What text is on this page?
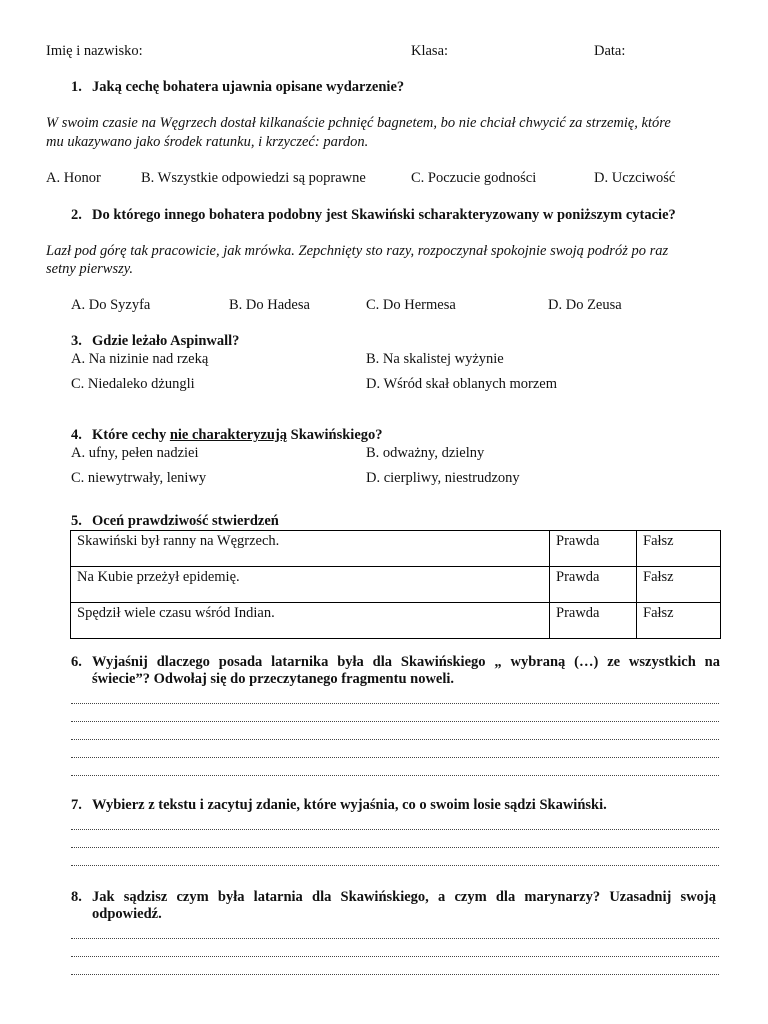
Imię i nazwisko:	Klasa:	Data:
1. Jaką cechę bohatera ujawnia opisane wydarzenie?
W swoim czasie na Węgrzech dostał kilkanaście pchnięć bagnetem, bo nie chciał chwycić za strzemię, które
mu ukazywano jako środek ratunku, i krzyczeć: pardon.
A. Honor	B. Wszystkie odpowiedzi są poprawne	C. Poczucie godności	D. Uczciwość
2. Do którego innego bohatera podobny jest Skawiński scharakteryzowany w poniższym cytacie?
Lazł pod górę tak pracowicie, jak mrówka. Zepchnięty sto razy, rozpoczynał spokojnie swoją podróż po raz
setny pierwszy.
A. Do Syzyfa	B. Do Hadesa	C. Do Hermesa	D. Do Zeusa
3. Gdzie leżało Aspinwall?
A. Na nizinie nad rzeką	B. Na skalistej wyżynie
C. Niedaleko dżungli	D. Wśród skał oblanych morzem
4. Które cechy nie charakteryzują Skawińskiego?
A. ufny, pełen nadziei	B. odważny, dzielny
C. niewytrwały, leniwy	D. cierpliwy, niestrudzony
5. Oceń prawdziwość stwierdzeń
Skawiński był ranny na Węgrzech.	Prawda	Fałsz
Na Kubie przeżył epidemię.	Prawda	Fałsz
Spędził wiele czasu wśród Indian.	Prawda	Fałsz
6. Wyjaśnij dlaczego posada latarnika była dla Skawińskiego „ wybraną (…) ze wszystkich na
świecie”? Odwołaj się do przeczytanego fragmentu noweli.
7. Wybierz z tekstu i zacytuj zdanie, które wyjaśnia, co o swoim losie sądzi Skawiński.
8. Jak sądzisz czym była latarnia dla Skawińskiego, a czym dla marynarzy? Uzasadnij swoją
odpowiedź.
